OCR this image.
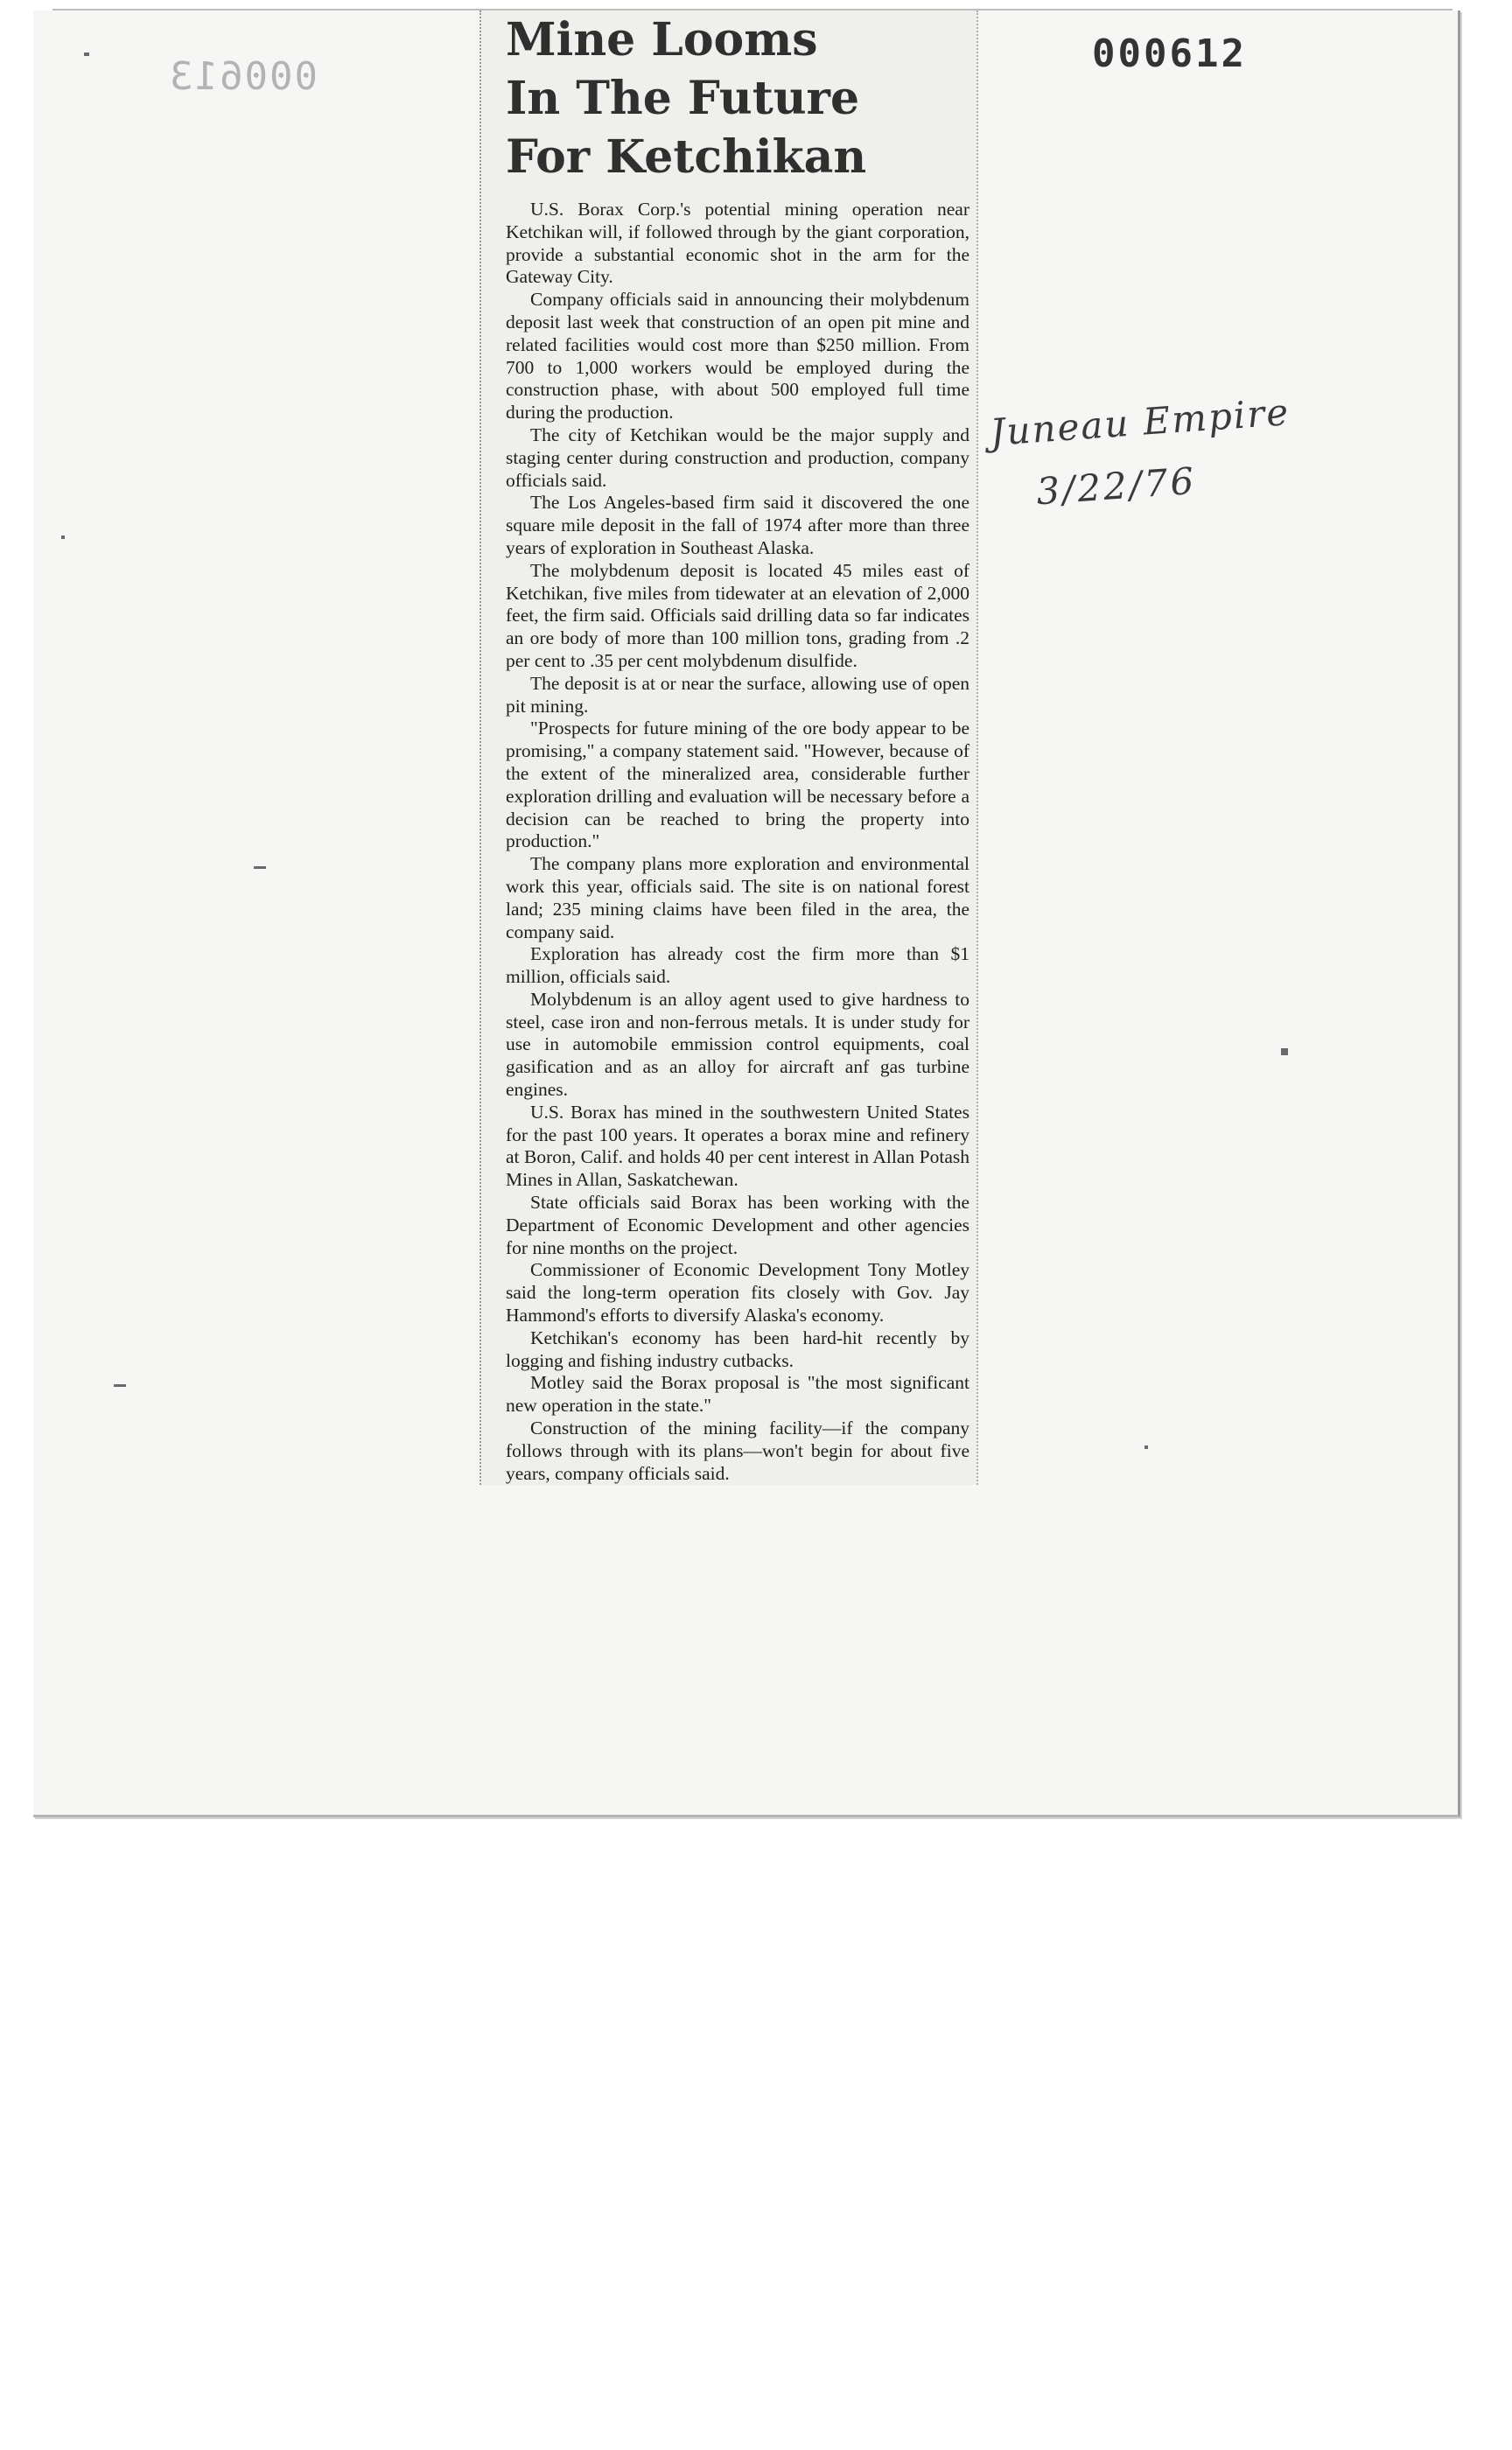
000613
000612
Mine Looms
In The Future
For Ketchikan

U.S. Borax Corp.'s potential mining operation near Ketchikan will, if followed through by the giant corporation, provide a substantial economic shot in the arm for the Gateway City.

Company officials said in announcing their molybdenum deposit last week that construction of an open pit mine and related facilities would cost more than $250 million. From 700 to 1,000 workers would be employed during the construction phase, with about 500 employed full time during the production.

The city of Ketchikan would be the major supply and staging center during construction and production, company officials said.

The Los Angeles-based firm said it discovered the one square mile deposit in the fall of 1974 after more than three years of exploration in Southeast Alaska.

The molybdenum deposit is located 45 miles east of Ketchikan, five miles from tidewater at an elevation of 2,000 feet, the firm said. Officials said drilling data so far indicates an ore body of more than 100 million tons, grading from .2 per cent to .35 per cent molybdenum disulfide.

The deposit is at or near the surface, allowing use of open pit mining.

"Prospects for future mining of the ore body appear to be promising," a company statement said. "However, because of the extent of the mineralized area, considerable further exploration drilling and evaluation will be necessary before a decision can be reached to bring the property into production."

The company plans more exploration and environmental work this year, officials said. The site is on national forest land; 235 mining claims have been filed in the area, the company said.

Exploration has already cost the firm more than $1 million, officials said.

Molybdenum is an alloy agent used to give hardness to steel, case iron and non-ferrous metals. It is under study for use in automobile emmission control equipments, coal gasification and as an alloy for aircraft anf gas turbine engines.

U.S. Borax has mined in the southwestern United States for the past 100 years. It operates a borax mine and refinery at Boron, Calif. and holds 40 per cent interest in Allan Potash Mines in Allan, Saskatchewan.

State officials said Borax has been working with the Department of Economic Development and other agencies for nine months on the project.

Commissioner of Economic Development Tony Motley said the long-term operation fits closely with Gov. Jay Hammond's efforts to diversify Alaska's economy.

Ketchikan's economy has been hard-hit recently by logging and fishing industry cutbacks.

Motley said the Borax proposal is "the most significant new operation in the state."

Construction of the mining facility—if the company follows through with its plans—won't begin for about five years, company officials said.

Juneau Empire
3/22/76
